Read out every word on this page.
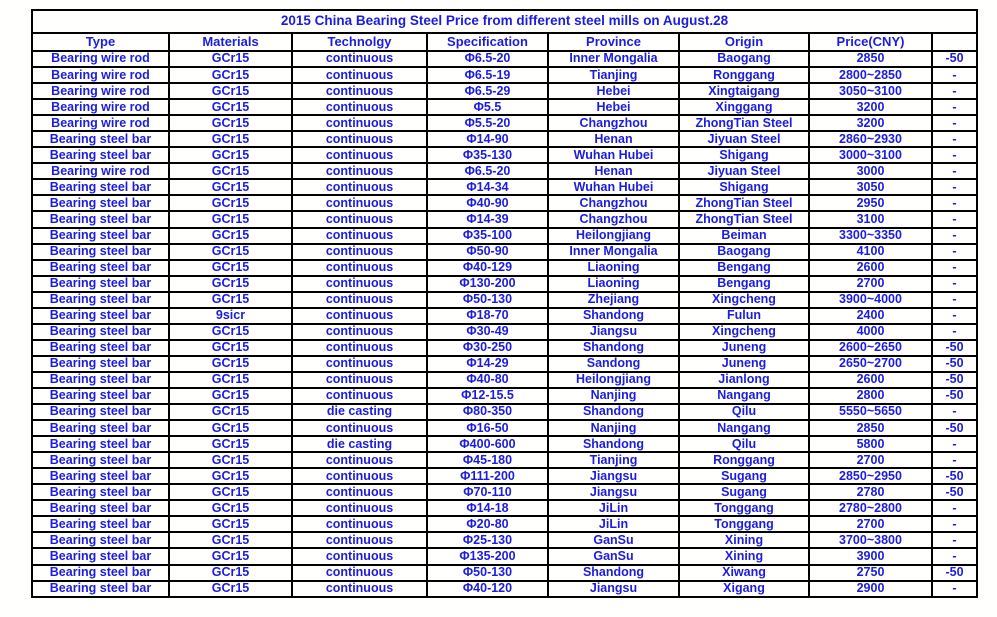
2015 China Bearing Steel Price from different steel mills on August.28							
Type	Materials	Technolgy	Specification	Province	Origin	Price(CNY)	
Bearing wire rod	GCr15	continuous	Φ6.5-20	Inner Mongalia	Baogang	2850	-50
Bearing wire rod	GCr15	continuous	Φ6.5-19	Tianjing	Ronggang	2800~2850	-
Bearing wire rod	GCr15	continuous	Φ6.5-29	Hebei	Xingtaigang	3050~3100	-
Bearing wire rod	GCr15	continuous	Φ5.5	Hebei	Xinggang	3200	-
Bearing wire rod	GCr15	continuous	Φ5.5-20	Changzhou	ZhongTian Steel	3200	-
Bearing steel bar	GCr15	continuous	Φ14-90	Henan	Jiyuan Steel	2860~2930	-
Bearing steel bar	GCr15	continuous	Φ35-130	Wuhan Hubei	Shigang	3000~3100	-
Bearing wire rod	GCr15	continuous	Φ6.5-20	Henan	Jiyuan Steel	3000	-
Bearing steel bar	GCr15	continuous	Φ14-34	Wuhan Hubei	Shigang	3050	-
Bearing steel bar	GCr15	continuous	Φ40-90	Changzhou	ZhongTian Steel	2950	-
Bearing steel bar	GCr15	continuous	Φ14-39	Changzhou	ZhongTian Steel	3100	-
Bearing steel bar	GCr15	continuous	Φ35-100	Heilongjiang	Beiman	3300~3350	-
Bearing steel bar	GCr15	continuous	Φ50-90	Inner Mongalia	Baogang	4100	-
Bearing steel bar	GCr15	continuous	Φ40-129	Liaoning	Bengang	2600	-
Bearing steel bar	GCr15	continuous	Φ130-200	Liaoning	Bengang	2700	-
Bearing steel bar	GCr15	continuous	Φ50-130	Zhejiang	Xingcheng	3900~4000	-
Bearing steel bar	9sicr	continuous	Φ18-70	Shandong	Fulun	2400	-
Bearing steel bar	GCr15	continuous	Φ30-49	Jiangsu	Xingcheng	4000	-
Bearing steel bar	GCr15	continuous	Φ30-250	Shandong	Juneng	2600~2650	-50
Bearing steel bar	GCr15	continuous	Φ14-29	Sandong	Juneng	2650~2700	-50
Bearing steel bar	GCr15	continuous	Φ40-80	Heilongjiang	Jianlong	2600	-50
Bearing steel bar	GCr15	continuous	Φ12-15.5	Nanjing	Nangang	2800	-50
Bearing steel bar	GCr15	die casting	Φ80-350	Shandong	Qilu	5550~5650	-
Bearing steel bar	GCr15	continuous	Φ16-50	Nanjing	Nangang	2850	-50
Bearing steel bar	GCr15	die casting	Φ400-600	Shandong	Qilu	5800	-
Bearing steel bar	GCr15	continuous	Φ45-180	Tianjing	Ronggang	2700	-
Bearing steel bar	GCr15	continuous	Φ111-200	Jiangsu	Sugang	2850~2950	-50
Bearing steel bar	GCr15	continuous	Φ70-110	Jiangsu	Sugang	2780	-50
Bearing steel bar	GCr15	continuous	Φ14-18	JiLin	Tonggang	2780~2800	-
Bearing steel bar	GCr15	continuous	Φ20-80	JiLin	Tonggang	2700	-
Bearing steel bar	GCr15	continuous	Φ25-130	GanSu	Xining	3700~3800	-
Bearing steel bar	GCr15	continuous	Φ135-200	GanSu	Xining	3900	-
Bearing steel bar	GCr15	continuous	Φ50-130	Shandong	Xiwang	2750	-50
Bearing steel bar	GCr15	continuous	Φ40-120	Jiangsu	Xigang	2900	-
